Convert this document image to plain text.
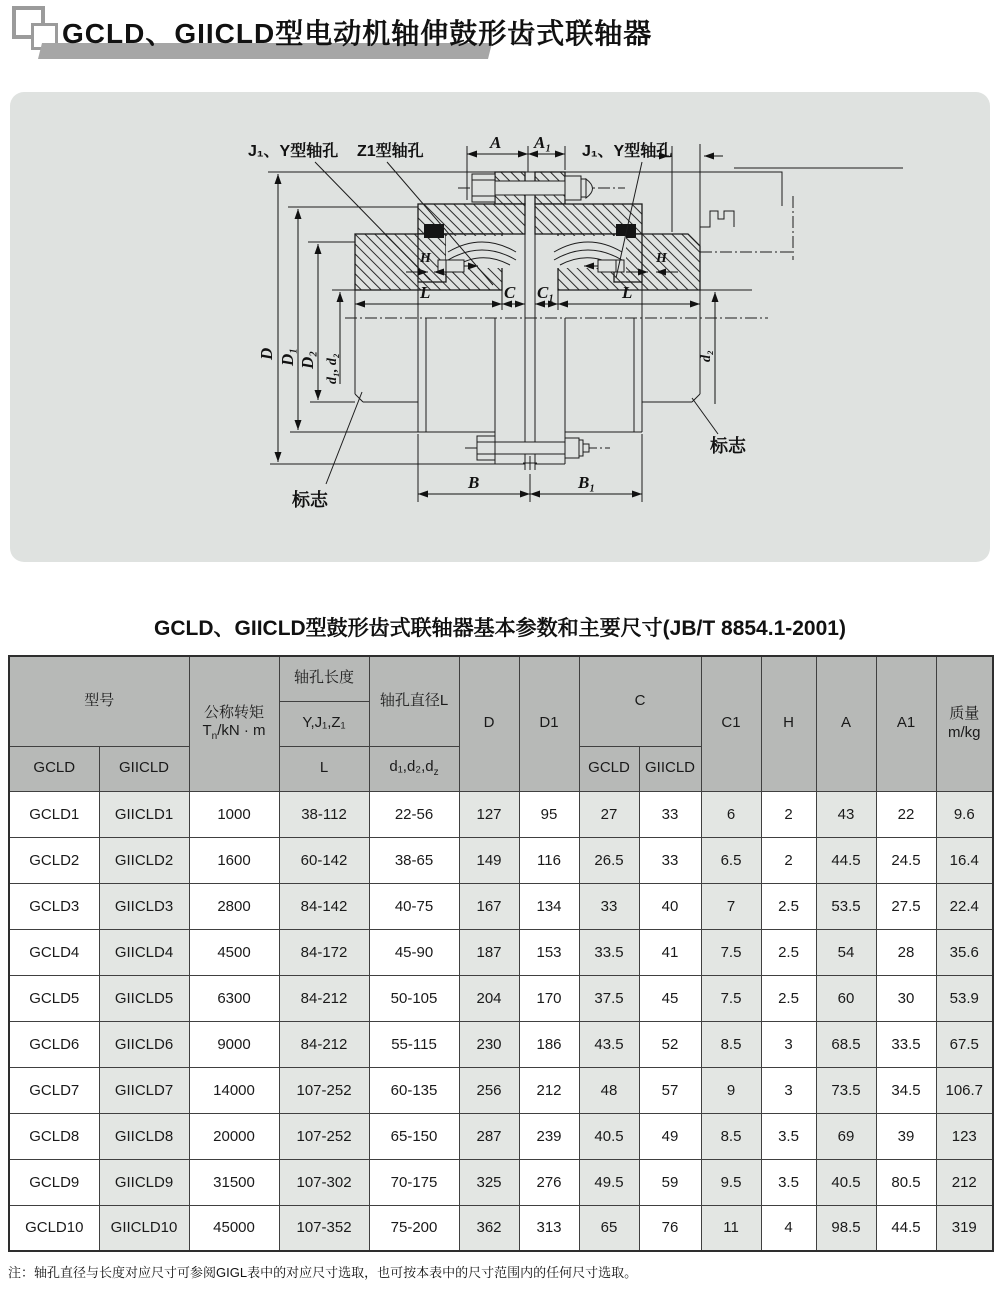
GCLD、GIICLD型电动机轴伸鼓形齿式联轴器
J₁、Y型轴孔 Z1型轴孔	J₁、Y型轴孔
A A₁
D D₁ D₂ d₁, d₂
L	C C₁	L
H	H
B	B₁
d₂
标志
标志
GCLD、GIICLD型鼓形齿式联轴器基本参数和主要尺寸(JB/T 8854.1-2001)
型号	
公称转矩
$T_n/kN \cdot m$
	轴孔长度	轴孔直径L	D	D1	C	C1	H	A	A1	
质量
m/kg

			Y,J₁,Z₁										
GCLD	GIICLD		L	$d_1,d_2,d_z$			GCLD	GIICLD					
GCLD1	GIICLD1	1000	38-112	22-56	127	95	27	33	6	2	43	22	9.6
GCLD2	GIICLD2	1600	60-142	38-65	149	116	26.5	33	6.5	2	44.5	24.5	16.4
GCLD3	GIICLD3	2800	84-142	40-75	167	134	33	40	7	2.5	53.5	27.5	22.4
GCLD4	GIICLD4	4500	84-172	45-90	187	153	33.5	41	7.5	2.5	54	28	35.6
GCLD5	GIICLD5	6300	84-212	50-105	204	170	37.5	45	7.5	2.5	60	30	53.9
GCLD6	GIICLD6	9000	84-212	55-115	230	186	43.5	52	8.5	3	68.5	33.5	67.5
GCLD7	GIICLD7	14000	107-252	60-135	256	212	48	57	9	3	73.5	34.5	106.7
GCLD8	GIICLD8	20000	107-252	65-150	287	239	40.5	49	8.5	3.5	69	39	123
GCLD9	GIICLD9	31500	107-302	70-175	325	276	49.5	59	9.5	3.5	40.5	80.5	212
GCLD10	GIICLD10	45000	107-352	75-200	362	313	65	76	11	4	98.5	44.5	319

注：轴孔直径与长度对应尺寸可参阅GIGL表中的对应尺寸选取，也可按本表中的尺寸范围内的任何尺寸选取。
